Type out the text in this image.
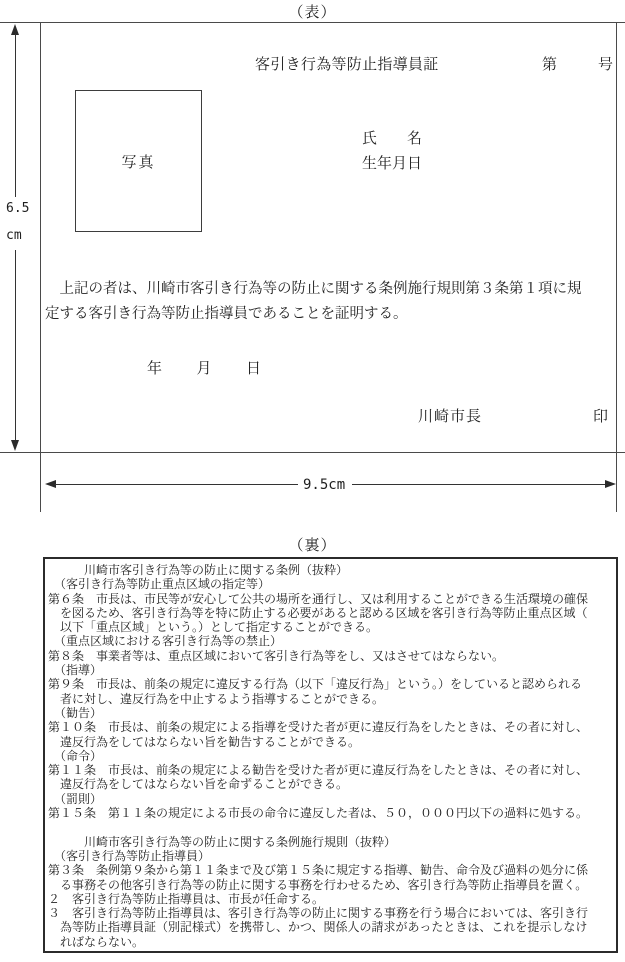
（表）
6.5
cm
9.5cm
客引き行為等防止指導員証	第	号
写真
氏　　名
生年月日
　上記の者は、川崎市客引き行為等の防止に関する条例施行規則第３条第１項に規
定する客引き行為等防止指導員であることを証明する。
年　　月　　日
川崎市長	印
（裏）
　　　川崎市客引き行為等の防止に関する条例（抜粋）
　（客引き行為等防止重点区域の指定等）
第６条　市長は、市民等が安心して公共の場所を通行し、又は利用することができる生活環境の確保
　を図るため、客引き行為等を特に防止する必要があると認める区域を客引き行為等防止重点区域（
　以下「重点区域」という。）として指定することができる。
　（重点区域における客引き行為等の禁止）
第８条　事業者等は、重点区域において客引き行為等をし、又はさせてはならない。
　（指導）
第９条　市長は、前条の規定に違反する行為（以下「違反行為」という。）をしていると認められる
　者に対し、違反行為を中止するよう指導することができる。
　（勧告）
第１０条　市長は、前条の規定による指導を受けた者が更に違反行為をしたときは、その者に対し、
　違反行為をしてはならない旨を勧告することができる。
　（命令）
第１１条　市長は、前条の規定による勧告を受けた者が更に違反行為をしたときは、その者に対し、
　違反行為をしてはならない旨を命ずることができる。
　（罰則）
第１５条　第１１条の規定による市長の命令に違反した者は、５０，０００円以下の過料に処する。
　　　川崎市客引き行為等の防止に関する条例施行規則（抜粋）
　（客引き行為等防止指導員）
第３条　条例第９条から第１１条まで及び第１５条に規定する指導、勧告、命令及び過料の処分に係
　る事務その他客引き行為等の防止に関する事務を行わせるため、客引き行為等防止指導員を置く。
２　客引き行為等防止指導員は、市長が任命する。
３　客引き行為等防止指導員は、客引き行為等の防止に関する事務を行う場合においては、客引き行
　為等防止指導員証（別記様式）を携帯し、かつ、関係人の請求があったときは、これを提示しなけ
　ればならない。
